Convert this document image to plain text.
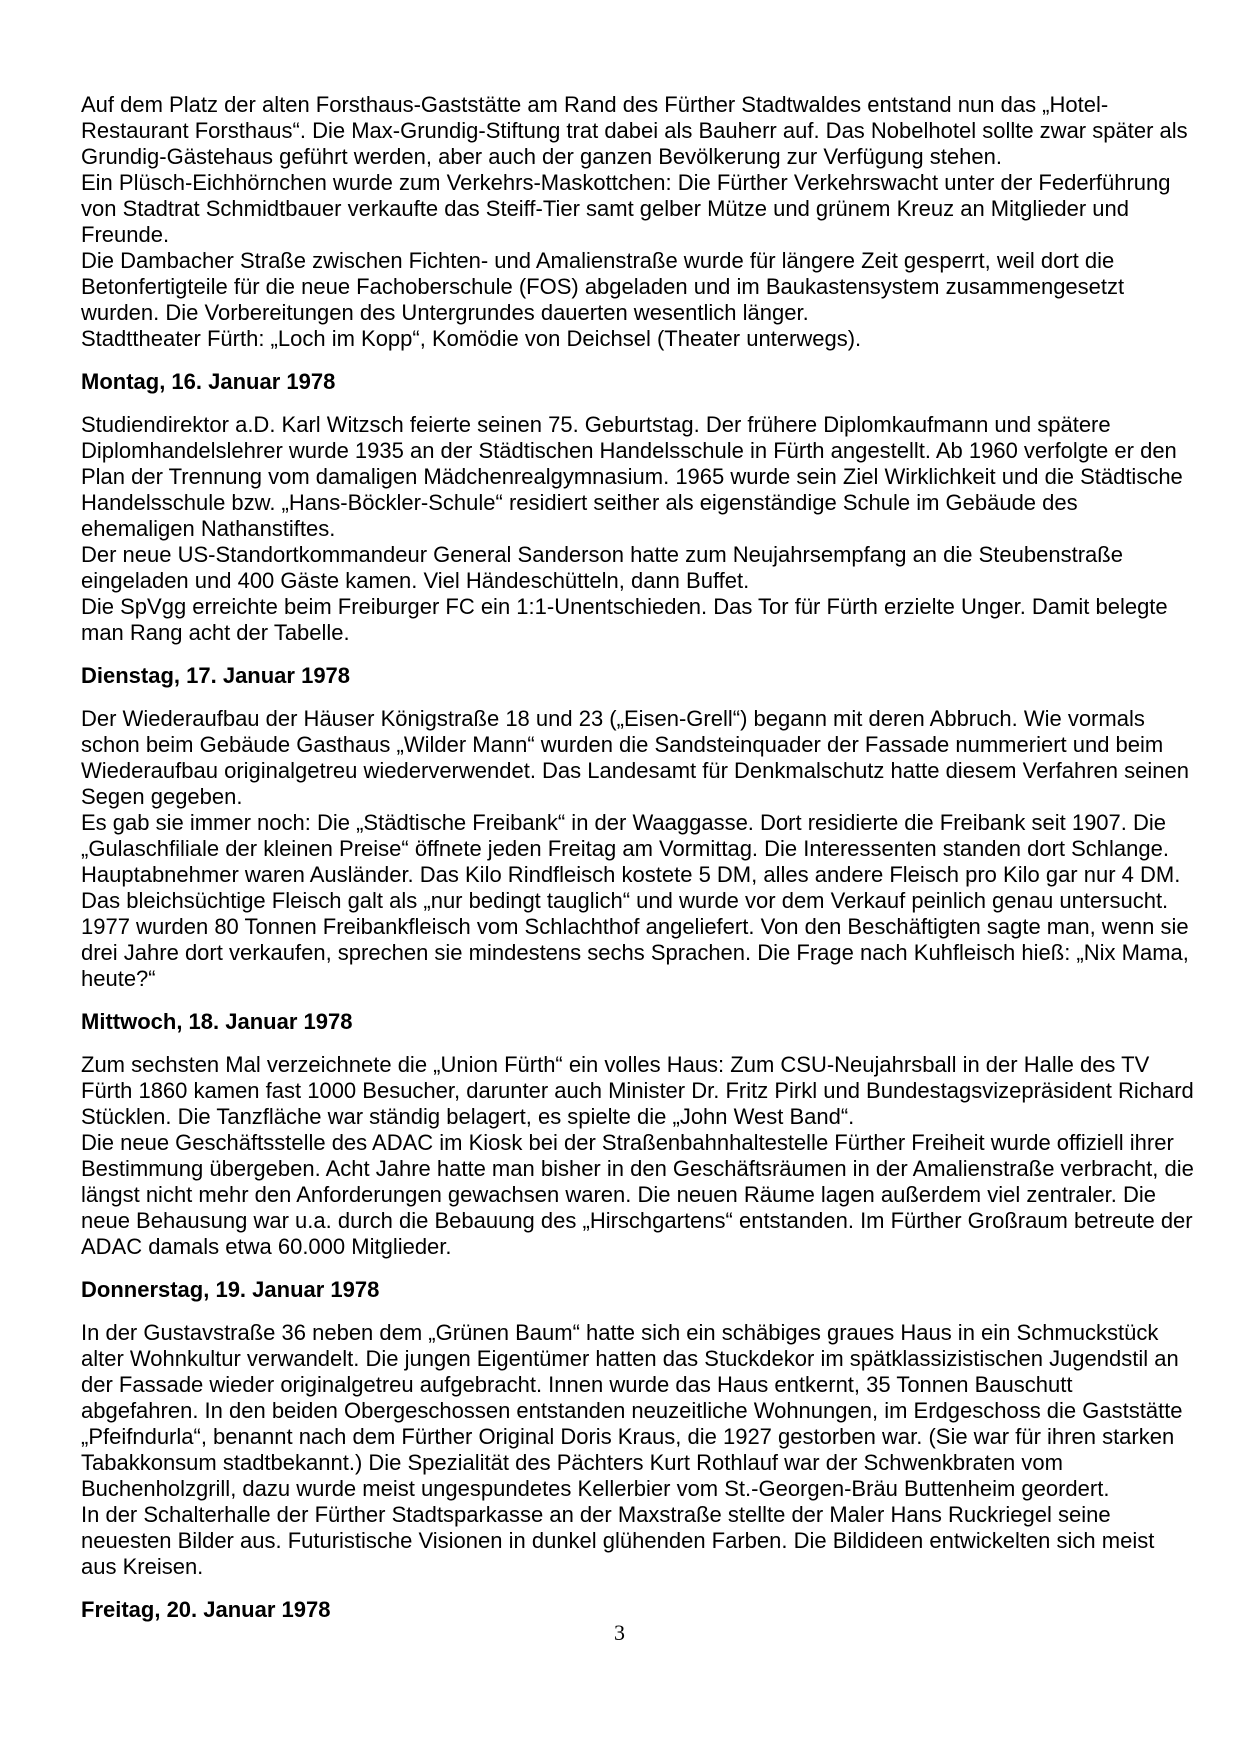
Auf dem Platz der alten Forsthaus-Gaststätte am Rand des Fürther Stadtwaldes entstand nun das „Hotel-Restaurant Forsthaus“. Die Max-Grundig-Stiftung trat dabei als Bauherr auf. Das Nobelhotel sollte zwar später als Grundig-Gästehaus geführt werden, aber auch der ganzen Bevölkerung zur Verfügung stehen.

Ein Plüsch-Eichhörnchen wurde zum Verkehrs-Maskottchen: Die Fürther Verkehrswacht unter der Federführung von Stadtrat Schmidtbauer verkaufte das Steiff-Tier samt gelber Mütze und grünem Kreuz an Mitglieder und Freunde.

Die Dambacher Straße zwischen Fichten- und Amalienstraße wurde für längere Zeit gesperrt, weil dort die Betonfertigteile für die neue Fachoberschule (FOS) abgeladen und im Baukastensystem zusammengesetzt wurden. Die Vorbereitungen des Untergrundes dauerten wesentlich länger.

Stadttheater Fürth: „Loch im Kopp“, Komödie von Deichsel (Theater unterwegs).

Montag, 16. Januar 1978

Studiendirektor a.D. Karl Witzsch feierte seinen 75. Geburtstag. Der frühere Diplomkaufmann und spätere Diplomhandelslehrer wurde 1935 an der Städtischen Handelsschule in Fürth angestellt. Ab 1960 verfolgte er den Plan der Trennung vom damaligen Mädchenrealgymnasium. 1965 wurde sein Ziel Wirklichkeit und die Städtische Handelsschule bzw. „Hans-Böckler-Schule“ residiert seither als eigenständige Schule im Gebäude des ehemaligen Nathanstiftes.

Der neue US-Standortkommandeur General Sanderson hatte zum Neujahrsempfang an die Steubenstraße eingeladen und 400 Gäste kamen. Viel Händeschütteln, dann Buffet.

Die SpVgg erreichte beim Freiburger FC ein 1:1-Unentschieden. Das Tor für Fürth erzielte Unger. Damit belegte man Rang acht der Tabelle.

Dienstag, 17. Januar 1978

Der Wiederaufbau der Häuser Königstraße 18 und 23 („Eisen-Grell“) begann mit deren Abbruch. Wie vormals schon beim Gebäude Gasthaus „Wilder Mann“ wurden die Sandsteinquader der Fassade nummeriert und beim Wiederaufbau originalgetreu wiederverwendet. Das Landesamt für Denkmalschutz hatte diesem Verfahren seinen Segen gegeben.

Es gab sie immer noch: Die „Städtische Freibank“ in der Waaggasse. Dort residierte die Freibank seit 1907. Die „Gulaschfiliale der kleinen Preise“ öffnete jeden Freitag am Vormittag. Die Interessenten standen dort Schlange. Hauptabnehmer waren Ausländer. Das Kilo Rindfleisch kostete 5 DM, alles andere Fleisch pro Kilo gar nur 4 DM. Das bleichsüchtige Fleisch galt als „nur bedingt tauglich“ und wurde vor dem Verkauf peinlich genau untersucht. 1977 wurden 80 Tonnen Freibankfleisch vom Schlachthof angeliefert. Von den Beschäftigten sagte man, wenn sie drei Jahre dort verkaufen, sprechen sie mindestens sechs Sprachen. Die Frage nach Kuhfleisch hieß: „Nix Mama, heute?“

Mittwoch, 18. Januar 1978

Zum sechsten Mal verzeichnete die „Union Fürth“ ein volles Haus: Zum CSU-Neujahrsball in der Halle des TV Fürth 1860 kamen fast 1000 Besucher, darunter auch Minister Dr. Fritz Pirkl und Bundestagsvizepräsident Richard Stücklen. Die Tanzfläche war ständig belagert, es spielte die „John West Band“.

Die neue Geschäftsstelle des ADAC im Kiosk bei der Straßenbahnhaltestelle Fürther Freiheit wurde offiziell ihrer Bestimmung übergeben. Acht Jahre hatte man bisher in den Geschäftsräumen in der Amalienstraße verbracht, die längst nicht mehr den Anforderungen gewachsen waren. Die neuen Räume lagen außerdem viel zentraler. Die neue Behausung war u.a. durch die Bebauung des „Hirschgartens“ entstanden. Im Fürther Großraum betreute der ADAC damals etwa 60.000 Mitglieder.

Donnerstag, 19. Januar 1978

In der Gustavstraße 36 neben dem „Grünen Baum“ hatte sich ein schäbiges graues Haus in ein Schmuckstück alter Wohnkultur verwandelt. Die jungen Eigentümer hatten das Stuckdekor im spätklassizistischen Jugendstil an der Fassade wieder originalgetreu aufgebracht. Innen wurde das Haus entkernt, 35 Tonnen Bauschutt abgefahren. In den beiden Obergeschossen entstanden neuzeitliche Wohnungen, im Erdgeschoss die Gaststätte „Pfeifndurla“, benannt nach dem Fürther Original Doris Kraus, die 1927 gestorben war. (Sie war für ihren starken Tabakkonsum stadtbekannt.) Die Spezialität des Pächters Kurt Rothlauf war der Schwenkbraten vom Buchenholzgrill, dazu wurde meist ungespundetes Kellerbier vom St.-Georgen-Bräu Buttenheim geordert.

In der Schalterhalle der Fürther Stadtsparkasse an der Maxstraße stellte der Maler Hans Ruckriegel seine neuesten Bilder aus. Futuristische Visionen in dunkel glühenden Farben. Die Bildideen entwickelten sich meist aus Kreisen.

Freitag, 20. Januar 1978
3
